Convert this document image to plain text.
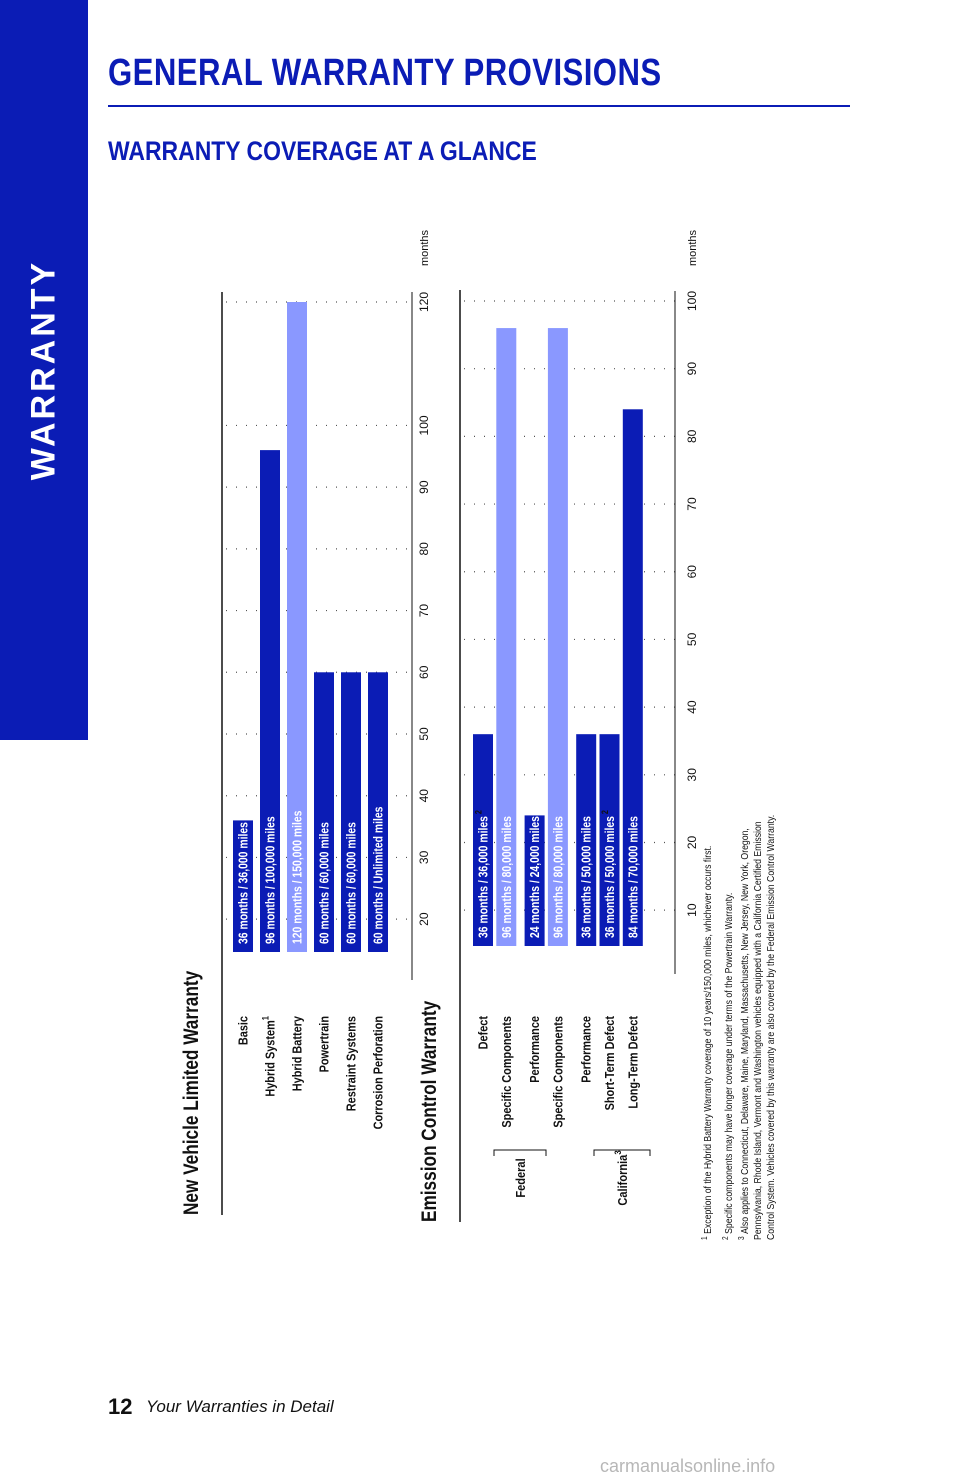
WARRANTY
GENERAL WARRANTY PROVISIONS
WARRANTY COVERAGE AT A GLANCE
New Vehicle Limited Warranty
36 months / 36,000 miles
Basic
96 months / 100,000 miles
Hybrid System$^1$
120 months / 150,000 miles
Hybrid Battery
60 months / 60,000 miles
Powertrain
60 months / 60,000 miles
Restraint Systems
60 months / Unlimited miles
Corrosion Perforation
20
30
40
50
60
70
80
90
100
120
months
Emission Control Warranty
36 months / 36,000 miles $^2$
Defect
96 months / 80,000 miles
Specific Components
24 months / 24,000 miles
Performance
96 months / 80,000 miles
Specific Components
36 months / 50,000 miles
Performance
36 months / 50,000 miles $^2$
Short-Term Defect
84 months / 70,000 miles
Long-Term Defect
10
20
30
40
50
60
70
80
90
100
months
Federal	California$^3$
$^1$ Exception of the Hybrid Battery Warranty coverage of 10 years/150,000 miles, whichever occurs first.
$^2$ Specific components may have longer coverage under terms of the Powertrain Warranty.
$^3$ Also applies to Connecticut, Delaware, Maine, Maryland, Massachusetts, New Jersey, New York, Oregon, Pennsylvania, Rhode Island, Vermont and Washington vehicles equipped with a California Certified Emission Control System. Vehicles covered by this warranty are also covered by the Federal Emission Control Warranty.
12 Your Warranties in Detail
carmanualsonline.info
